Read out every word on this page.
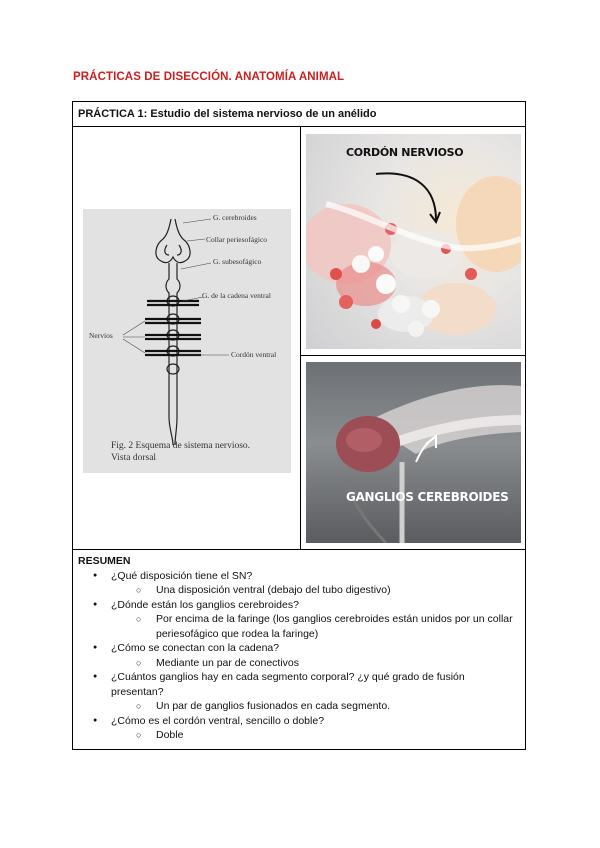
PRÁCTICAS DE DISECCIÓN. ANATOMÍA ANIMAL
PRÁCTICA 1: Estudio del sistema nervioso de un anélido
G. cerebroides
Collar periesofágico
G. subesofágico
G. de la cadena ventral
Nervios
Cordón ventral
Fig. 2 Esquema de sistema nervioso.
Vista dorsal
CORDÓN NERVIOSO
GANGLIOS CEREBROIDES
RESUMEN
● ¿Qué disposición tiene el SN?
○ Una disposición ventral (debajo del tubo digestivo)
● ¿Dónde están los ganglios cerebroides?
○ Por encima de la faringe (los ganglios cerebroides están unidos por un collar periesofágico que rodea la faringe)
● ¿Cómo se conectan con la cadena?
○ Mediante un par de conectivos
● ¿Cuántos ganglios hay en cada segmento corporal? ¿y qué grado de fusión presentan?
○ Un par de ganglios fusionados en cada segmento.
● ¿Cómo es el cordón ventral, sencillo o doble?
○ Doble
